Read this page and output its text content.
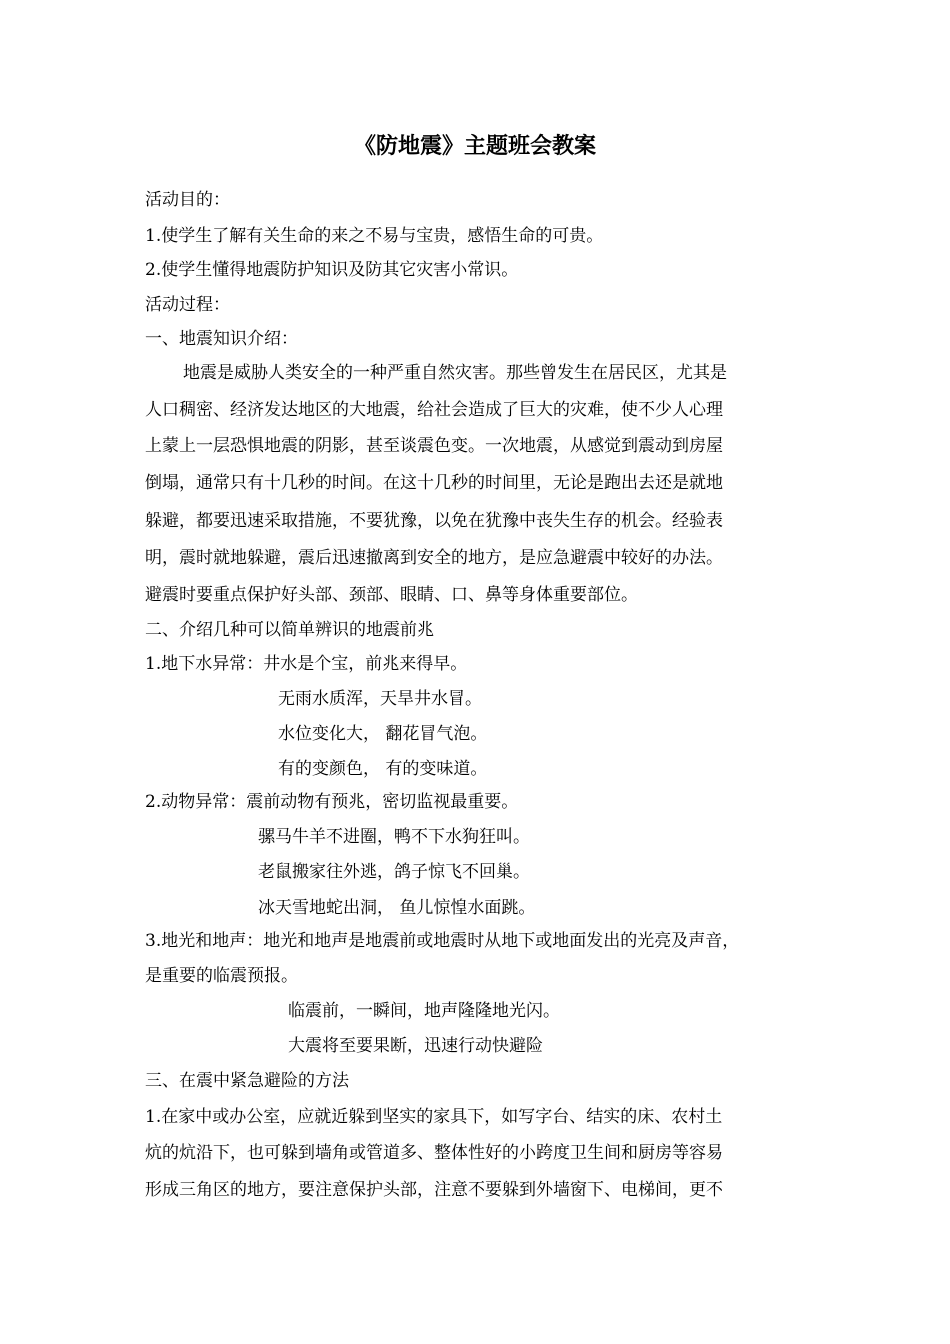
《防地震》主题班会教案
活动目的：
1.使学生了解有关生命的来之不易与宝贵，感悟生命的可贵。
2.使学生懂得地震防护知识及防其它灾害小常识。
活动过程：
一、地震知识介绍：
地震是威胁人类安全的一种严重自然灾害。那些曾发生在居民区，尤其是
人口稠密、经济发达地区的大地震，给社会造成了巨大的灾难，使不少人心理
上蒙上一层恐惧地震的阴影，甚至谈震色变。一次地震，从感觉到震动到房屋
倒塌，通常只有十几秒的时间。在这十几秒的时间里，无论是跑出去还是就地
躲避，都要迅速采取措施，不要犹豫，以免在犹豫中丧失生存的机会。经验表
明，震时就地躲避，震后迅速撤离到安全的地方，是应急避震中较好的办法。
避震时要重点保护好头部、颈部、眼睛、口、鼻等身体重要部位。
二、介绍几种可以简单辨识的地震前兆
1.地下水异常：井水是个宝，前兆来得早。
无雨水质浑，天旱井水冒。
水位变化大， 翻花冒气泡。
有的变颜色， 有的变味道。
2.动物异常：震前动物有预兆，密切监视最重要。
骡马牛羊不进圈，鸭不下水狗狂叫。
老鼠搬家往外逃，鸽子惊飞不回巢。
冰天雪地蛇出洞， 鱼儿惊惶水面跳。
3.地光和地声：地光和地声是地震前或地震时从地下或地面发出的光亮及声音，
是重要的临震预报。
临震前，一瞬间，地声隆隆地光闪。
大震将至要果断，迅速行动快避险
三、在震中紧急避险的方法
1.在家中或办公室，应就近躲到坚实的家具下，如写字台、结实的床、农村土
炕的炕沿下，也可躲到墙角或管道多、整体性好的小跨度卫生间和厨房等容易
形成三角区的地方，要注意保护头部，注意不要躲到外墙窗下、电梯间，更不
